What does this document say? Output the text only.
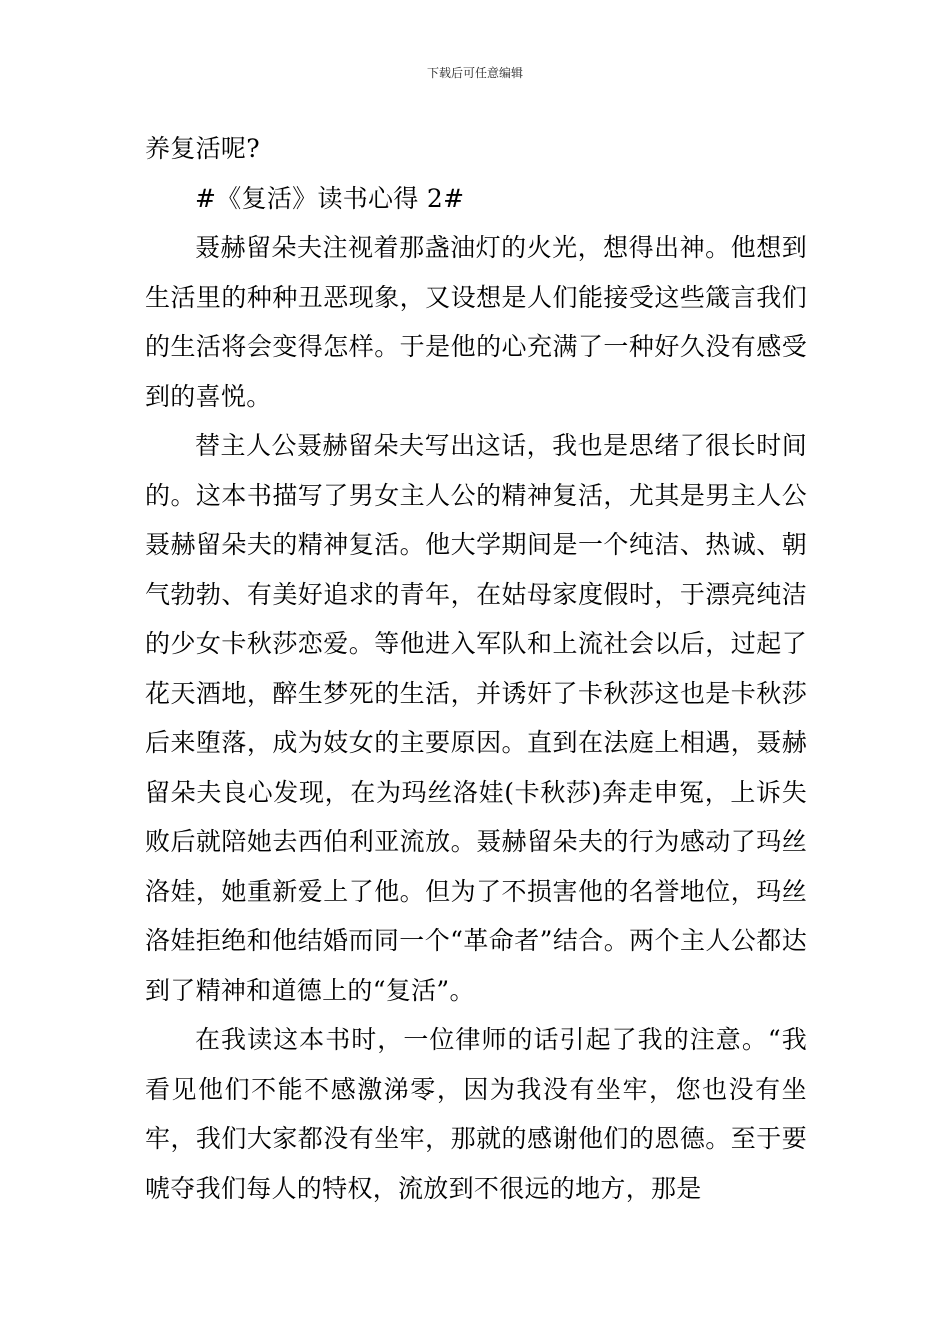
下载后可任意编辑

养复活呢?

#《复活》读书心得 2#

聂赫留朵夫注视着那盏油灯的火光，想得出神。他想到生活里的种种丑恶现象，又设想是人们能接受这些箴言我们的生活将会变得怎样。于是他的心充满了一种好久没有感受到的喜悦。

替主人公聂赫留朵夫写出这话，我也是思绪了很长时间的。这本书描写了男女主人公的精神复活，尤其是男主人公聂赫留朵夫的精神复活。他大学期间是一个纯洁、热诚、朝气勃勃、有美好追求的青年，在姑母家度假时，于漂亮纯洁的少女卡秋莎恋爱。等他进入军队和上流社会以后，过起了花天酒地，醉生梦死的生活，并诱奸了卡秋莎这也是卡秋莎后来堕落，成为妓女的主要原因。直到在法庭上相遇，聂赫留朵夫良心发现，在为玛丝洛娃(卡秋莎)奔走申冤，上诉失败后就陪她去西伯利亚流放。聂赫留朵夫的行为感动了玛丝洛娃，她重新爱上了他。但为了不损害他的名誉地位，玛丝洛娃拒绝和他结婚而同一个“革命者”结合。两个主人公都达到了精神和道德上的“复活”。

在我读这本书时，一位律师的话引起了我的注意。“我看见他们不能不感激涕零，因为我没有坐牢，您也没有坐牢，我们大家都没有坐牢，那就的感谢他们的恩德。至于要唬夺我们每人的特权，流放到不很远的地方，那是
